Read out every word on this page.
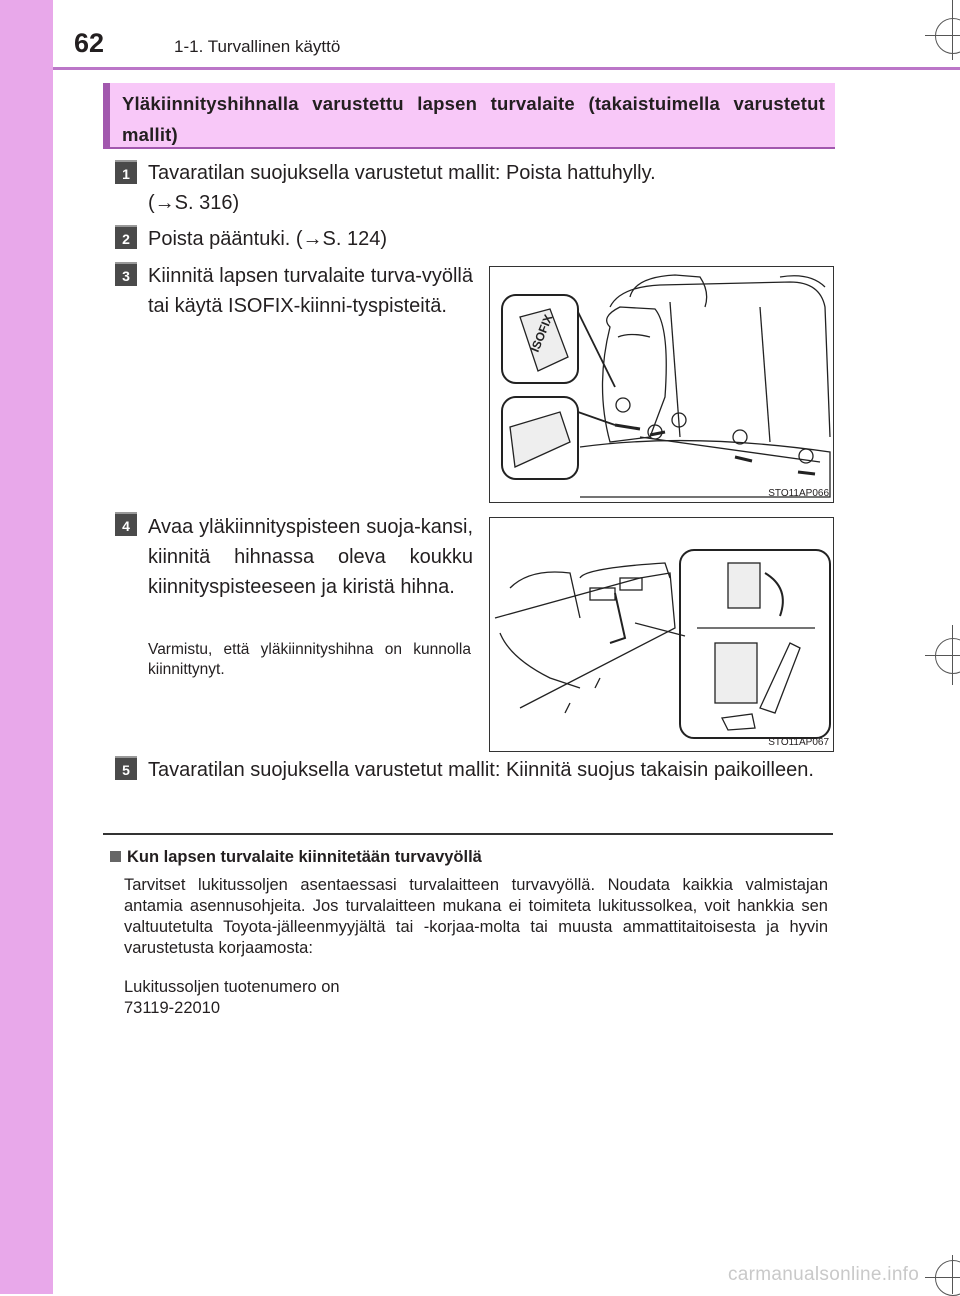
62	1-1. Turvallinen käyttö
Yläkiinnityshihnalla varustettu lapsen turvalaite (takaistuimella varustetut mallit)
1 Tavaratilan suojuksella varustetut mallit: Poista hattuhylly.
(→S. 316)
2 Poista pääntuki. (→S. 124)
3 Kiinnitä lapsen turvalaite turva-vyöllä tai käytä ISOFIX-kiinni-tyspisteitä.
ISOFIX
STO11AP066
4 Avaa yläkiinnityspisteen suoja-kansi, kiinnitä hihnassa oleva koukku kiinnityspisteeseen ja kiristä hihna.
Varmistu, että yläkiinnityshihna on kunnolla kiinnittynyt.
STO11AP067
5 Tavaratilan suojuksella varustetut mallit: Kiinnitä suojus takaisin paikoilleen.
Kun lapsen turvalaite kiinnitetään turvavyöllä
Tarvitset lukitussoljen asentaessasi turvalaitteen turvavyöllä. Noudata kaikkia valmistajan antamia asennusohjeita. Jos turvalaitteen mukana ei toimiteta lukitussolkea, voit hankkia sen valtuutetulta Toyota-jälleenmyyjältä tai -korjaa-molta tai muusta ammattitaitoisesta ja hyvin varustetusta korjaamosta:
Lukitussoljen tuotenumero on
73119-22010
carmanualsonline.info
